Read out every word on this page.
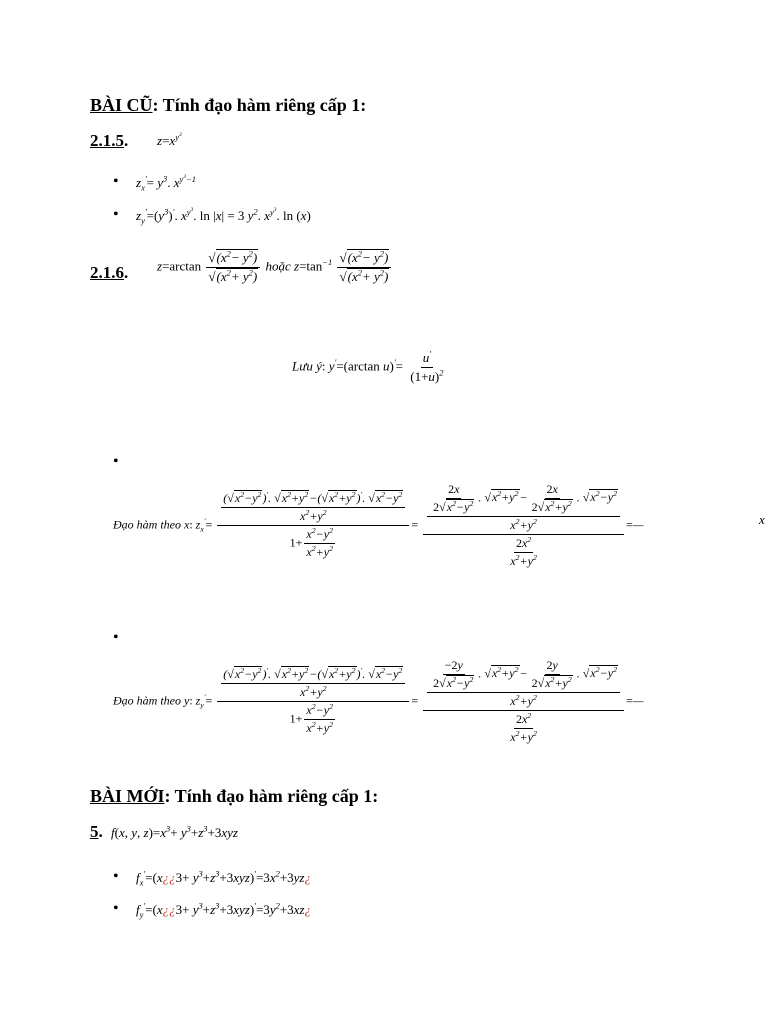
BÀI CŨ: Tính đạo hàm riêng cấp 1:
2.1.5. $z=x^{y^3}$
• $z_x'= y^3$. $x^{y^3-1}$
• $z_y'=(y^3)'$. $x^{y^3}$. ln |x| = 3 $y^2$. $x^{y^3}$. ln (x)
2.1.6. $z=\arctan \frac{√(x^2- y^2)}{√(x^2+ y^2)}$ hoặc $z=\tan^{-1} \frac{√(x^2- y^2)}{√(x^2+ y^2)}$
Lưu ý: y'=(arctan $u)'= \frac{u'}{(1+u)^2}$
•
Đạo hàm theo x: $z_x'= \frac{\frac{(√x^2-y^2)'. √x^2+y^2-(√x^2+y^2)'. √x^2-y^2}{x^2+y^2}}{1+ \frac{x^2-y^2}{x^2+y^2}} = \frac{\frac{\frac{2x}{2√x^2-y^2} . √x^2+y^2- \frac{2x}{2√x^2+y^2} . √x^2-y^2}{x^2+y^2}}{\frac{2x^2}{x^2+y^2}}$ =—	x
•
Đạo hàm theo y: $z_y'= \frac{\frac{(√x^2-y^2)'. √x^2+y^2-(√x^2+y^2)'. √x^2-y^2}{x^2+y^2}}{1+ \frac{x^2-y^2}{x^2+y^2}} = \frac{\frac{\frac{-2y}{2√x^2-y^2} . √x^2+y^2- \frac{2y}{2√x^2+y^2} . √x^2-y^2}{x^2+y^2}}{\frac{2x^2}{x^2+y^2}}$ =—
BÀI MỚI: Tính đạo hàm riêng cấp 1:
5. f(x, y, $z)=x^3+ y^3+z^3+3xyz$
• $f_x'=(x¿¿3+$ $y^3+z^3+3xyz)'=3x^2+3yz¿$
• $f_y'=(x¿¿3+$ $y^3+z^3+3xyz)'=3y^2+3xz¿$
